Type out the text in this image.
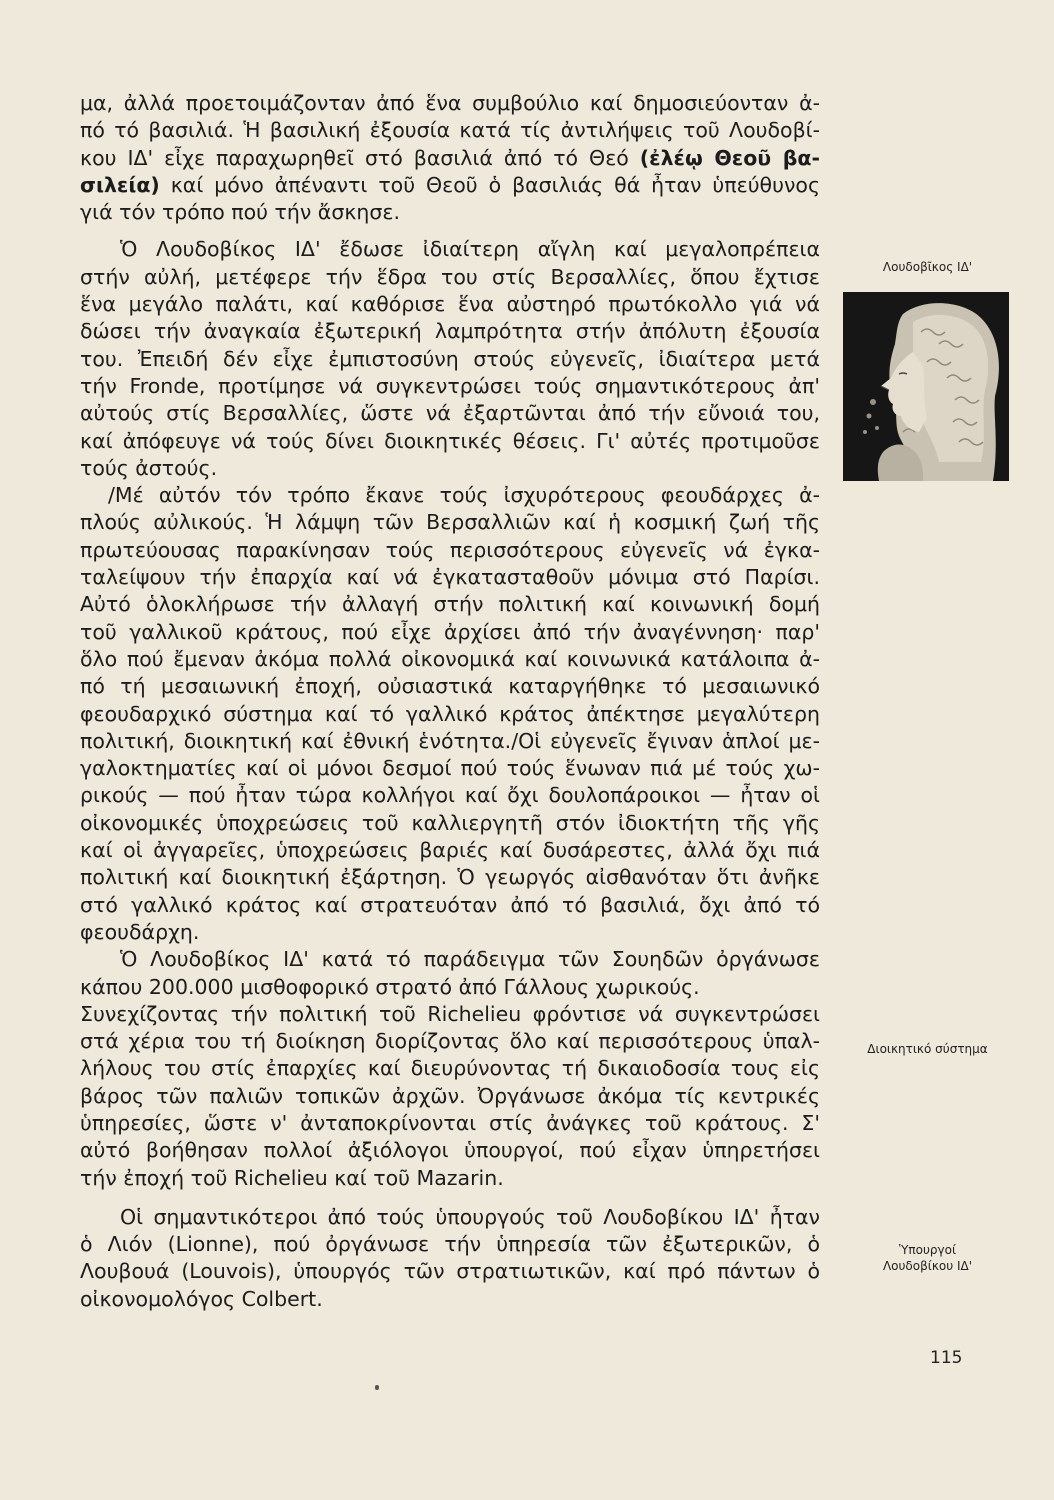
μα, ἀλλά προετοιμάζονταν ἀπό ἕνα συμβούλιο καί δημοσιεύονταν ἀ-
πό τό βασιλιά. Ἡ βασιλική ἐξουσία κατά τίς ἀντιλήψεις τοῦ Λουδοβί-
κου ΙΔ' εἶχε παραχωρηθεῖ στό βασιλιά ἀπό τό Θεό (ἐλέῳ Θεοῦ βα-
σιλεία) καί μόνο ἀπέναντι τοῦ Θεοῦ ὁ βασιλιάς θά ἦταν ὑπεύθυνος
γιά τόν τρόπο πού τήν ἄσκησε.
Ὁ Λουδοβίκος ΙΔ' ἔδωσε ἰδιαίτερη αἴγλη καί μεγαλοπρέπεια
στήν αὐλή, μετέφερε τήν ἕδρα του στίς Βερσαλλίες, ὅπου ἔχτισε
ἕνα μεγάλο παλάτι, καί καθόρισε ἕνα αὐστηρό πρωτόκολλο γιά νά
δώσει τήν ἀναγκαία ἐξωτερική λαμπρότητα στήν ἀπόλυτη ἐξουσία
του. Ἐπειδή δέν εἶχε ἐμπιστοσύνη στούς εὐγενεῖς, ἰδιαίτερα μετά
τήν Fronde, προτίμησε νά συγκεντρώσει τούς σημαντικότερους ἀπ'
αὐτούς στίς Βερσαλλίες, ὥστε νά ἐξαρτῶνται ἀπό τήν εὔνοιά του,
καί ἀπόφευγε νά τούς δίνει διοικητικές θέσεις. Γι' αὐτές προτιμοῦσε
τούς ἀστούς.
/Μέ αὐτόν τόν τρόπο ἔκανε τούς ἰσχυρότερους φεουδάρχες ἀ-
πλούς αὐλικούς. Ἡ λάμψη τῶν Βερσαλλιῶν καί ἡ κοσμική ζωή τῆς
πρωτεύουσας παρακίνησαν τούς περισσότερους εὐγενεῖς νά ἐγκα-
ταλείψουν τήν ἐπαρχία καί νά ἐγκατασταθοῦν μόνιμα στό Παρίσι.
Αὐτό ὁλοκλήρωσε τήν ἀλλαγή στήν πολιτική καί κοινωνική δομή
τοῦ γαλλικοῦ κράτους, πού εἶχε ἀρχίσει ἀπό τήν ἀναγέννηση· παρ'
ὅλο πού ἔμεναν ἀκόμα πολλά οἰκονομικά καί κοινωνικά κατάλοιπα ἀ-
πό τή μεσαιωνική ἐποχή, οὐσιαστικά καταργήθηκε τό μεσαιωνικό
φεουδαρχικό σύστημα καί τό γαλλικό κράτος ἀπέκτησε μεγαλύτερη
πολιτική, διοικητική καί ἐθνική ἑνότητα./Οἱ εὐγενεῖς ἔγιναν ἁπλοί με-
γαλοκτηματίες καί οἱ μόνοι δεσμοί πού τούς ἕνωναν πιά μέ τούς χω-
ρικούς — πού ἦταν τώρα κολλήγοι καί ὄχι δουλοπάροικοι — ἦταν οἱ
οἰκονομικές ὑποχρεώσεις τοῦ καλλιεργητῆ στόν ἰδιοκτήτη τῆς γῆς
καί οἱ ἀγγαρεῖες, ὑποχρεώσεις βαριές καί δυσάρεστες, ἀλλά ὄχι πιά
πολιτική καί διοικητική ἐξάρτηση. Ὁ γεωργός αἰσθανόταν ὅτι ἀνῆκε
στό γαλλικό κράτος καί στρατευόταν ἀπό τό βασιλιά, ὄχι ἀπό τό
φεουδάρχη.
Ὁ Λουδοβίκος ΙΔ' κατά τό παράδειγμα τῶν Σουηδῶν ὀργάνωσε
κάπου 200.000 μισθοφορικό στρατό ἀπό Γάλλους χωρικούς.
Συνεχίζοντας τήν πολιτική τοῦ Richelieu φρόντισε νά συγκεντρώσει
στά χέρια του τή διοίκηση διορίζοντας ὅλο καί περισσότερους ὑπαλ-
λήλους του στίς ἐπαρχίες καί διευρύνοντας τή δικαιοδοσία τους εἰς
βάρος τῶν παλιῶν τοπικῶν ἀρχῶν. Ὀργάνωσε ἀκόμα τίς κεντρικές
ὑπηρεσίες, ὥστε ν' ἀνταποκρίνονται στίς ἀνάγκες τοῦ κράτους. Σ'
αὐτό βοήθησαν πολλοί ἀξιόλογοι ὑπουργοί, πού εἶχαν ὑπηρετήσει
τήν ἐποχή τοῦ Richelieu καί τοῦ Mazarin.
Οἱ σημαντικότεροι ἀπό τούς ὑπουργούς τοῦ Λουδοβίκου ΙΔ' ἦταν
ὁ Λιόν (Lionne), πού ὀργάνωσε τήν ὑπηρεσία τῶν ἐξωτερικῶν, ὁ
Λουβουά (Louvois), ὑπουργός τῶν στρατιωτικῶν, καί πρό πάντων ὁ
οἰκονομολόγος Colbert.
Λουδοβῖκος ΙΔ'
Διοικητικό σύστημα
Ὑπουργοί
Λουδοβίκου ΙΔ'
115
